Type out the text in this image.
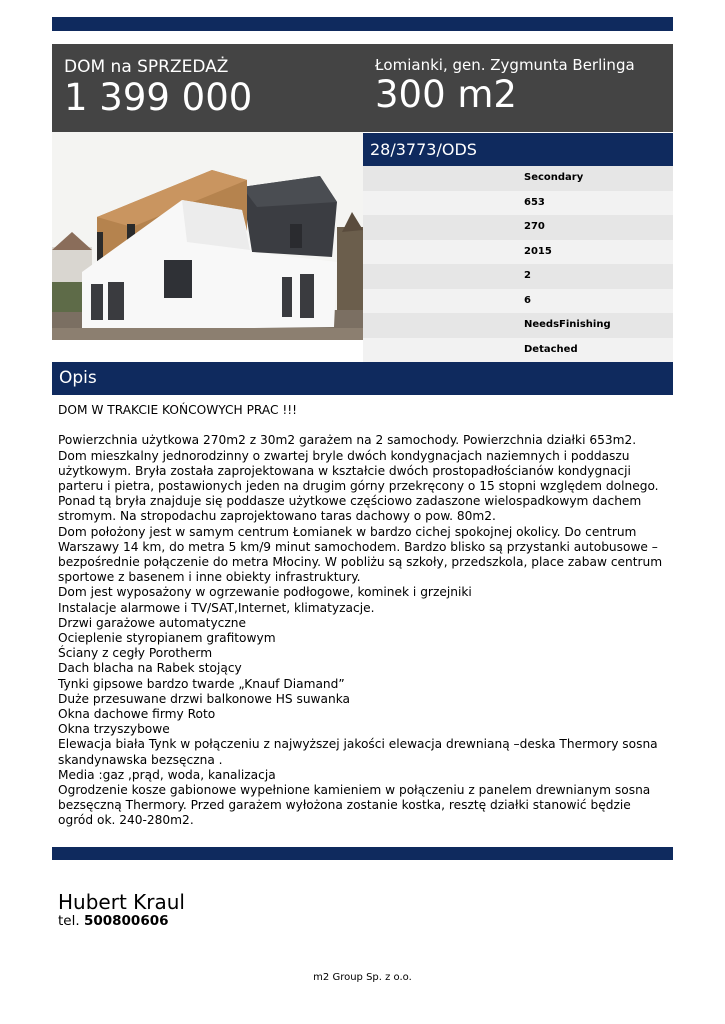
DOM na SPRZEDAŻ
1 399 000
Łomianki, gen. Zygmunta Berlinga
300 m2
28/3773/ODS
Secondary
653
270
2015
2
6
NeedsFinishing
Detached
Opis

DOM W TRAKCIE KOŃCOWYCH PRAC !!!

Powierzchnia użytkowa 270m2 z 30m2 garażem na 2 samochody. Powierzchnia działki 653m2. Dom mieszkalny jednorodzinny o zwartej bryle dwóch kondygnacjach naziemnych i poddaszu użytkowym. Bryła została zaprojektowana w kształcie dwóch prostopadłościanów kondygnacji parteru i pietra, postawionych jeden na drugim górny przekręcony o 15 stopni względem dolnego. Ponad tą bryła znajduje się poddasze użytkowe częściowo zadaszone wielospadkowym dachem stromym. Na stropodachu zaprojektowano taras dachowy o pow. 80m2.

Dom położony jest w samym centrum Łomianek w bardzo cichej spokojnej okolicy. Do centrum Warszawy 14 km, do metra 5 km/9 minut samochodem. Bardzo blisko są przystanki autobusowe –bezpośrednie połączenie do metra Młociny. W pobliżu są szkoły, przedszkola, place zabaw centrum sportowe z basenem i inne obiekty infrastruktury.

Dom jest wyposażony w ogrzewanie podłogowe, kominek i grzejniki

Instalacje alarmowe i TV/SAT,Internet, klimatyzacje.

Drzwi garażowe automatyczne

Ocieplenie styropianem grafitowym

Ściany z cegły Porotherm

Dach blacha na Rabek stojący

Tynki gipsowe bardzo twarde „Knauf Diamand”

Duże przesuwane drzwi balkonowe HS suwanka

Okna dachowe firmy Roto

Okna trzyszybowe

Elewacja biała Tynk w połączeniu z najwyższej jakości elewacja drewnianą –deska Thermory sosna skandynawska bezsęczna .

Media :gaz ,prąd, woda, kanalizacja

Ogrodzenie kosze gabionowe wypełnione kamieniem w połączeniu z panelem drewnianym sosna bezsęczną Thermory. Przed garażem wyłożona zostanie kostka, resztę działki stanowić będzie ogród ok. 240-280m2.

Hubert Kraul
tel. 500800606
m2 Group Sp. z o.o.
